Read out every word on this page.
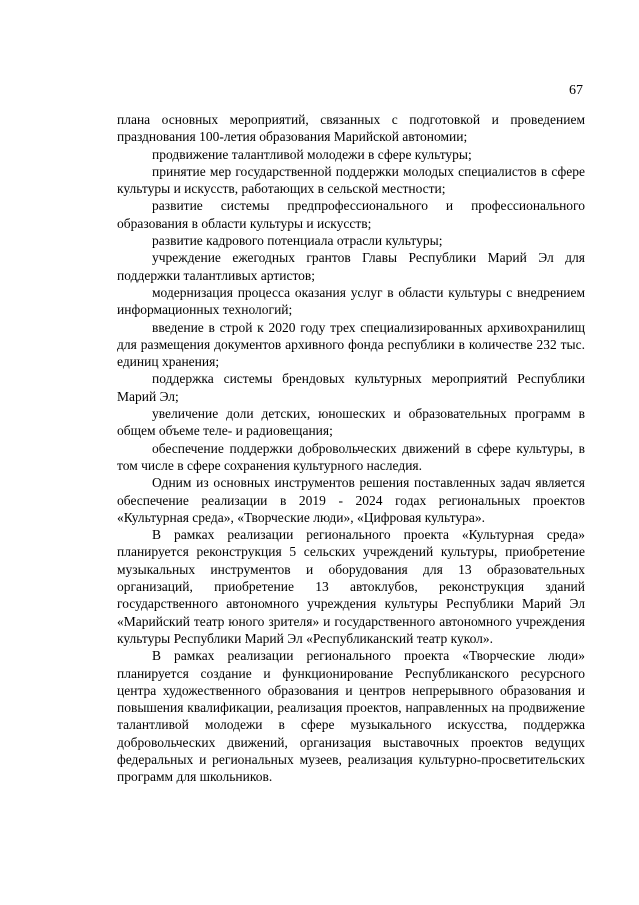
67

плана основных мероприятий, связанных с подготовкой и проведением празднования 100-летия образования Марийской автономии;

продвижение талантливой молодежи в сфере культуры;

принятие мер государственной поддержки молодых специалистов в сфере культуры и искусств, работающих в сельской местности;

развитие системы предпрофессионального и профессионального образования в области культуры и искусств;

развитие кадрового потенциала отрасли культуры;

учреждение ежегодных грантов Главы Республики Марий Эл для поддержки талантливых артистов;

модернизация процесса оказания услуг в области культуры с внедрением информационных технологий;

введение в строй к 2020 году трех специализированных архивохранилищ для размещения документов архивного фонда республики в количестве 232 тыс. единиц хранения;

поддержка системы брендовых культурных мероприятий Республики Марий Эл;

увеличение доли детских, юношеских и образовательных программ в общем объеме теле- и радиовещания;

обеспечение поддержки добровольческих движений в сфере культуры, в том числе в сфере сохранения культурного наследия.

Одним из основных инструментов решения поставленных задач является обеспечение реализации в 2019 - 2024 годах региональных проектов «Культурная среда», «Творческие люди», «Цифровая культура».

В рамках реализации регионального проекта «Культурная среда» планируется реконструкция 5 сельских учреждений культуры, приобретение музыкальных инструментов и оборудования для 13 образовательных организаций, приобретение 13 автоклубов, реконструкция зданий государственного автономного учреждения культуры Республики Марий Эл «Марийский театр юного зрителя» и государственного автономного учреждения культуры Республики Марий Эл «Республиканский театр кукол».

В рамках реализации регионального проекта «Творческие люди» планируется создание и функционирование Республиканского ресурсного центра художественного образования и центров непрерывного образования и повышения квалификации, реализация проектов, направленных на продвижение талантливой молодежи в сфере музыкального искусства, поддержка добровольческих движений, организация выставочных проектов ведущих федеральных и региональных музеев, реализация культурно-просветительских программ для школьников.
